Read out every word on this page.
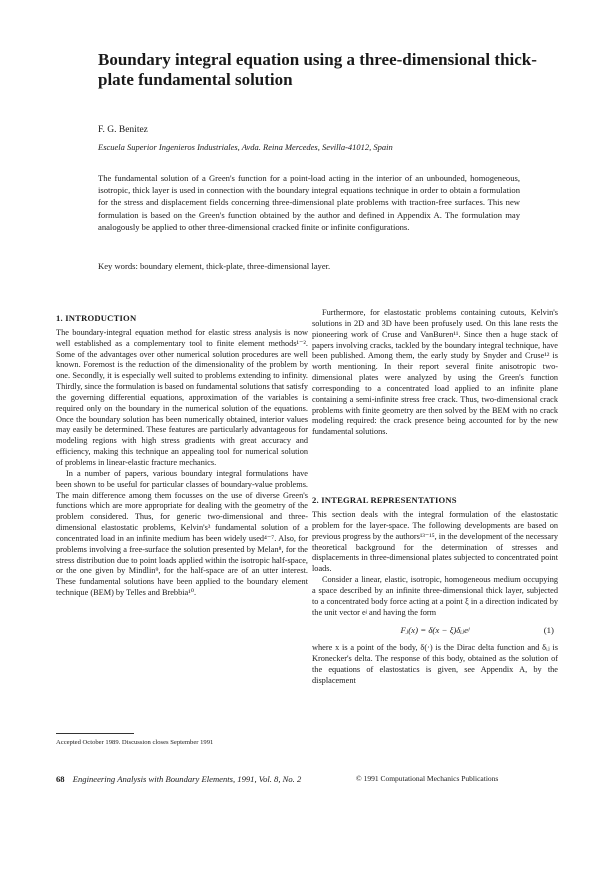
Boundary integral equation using a three-dimensional thick-plate fundamental solution
F. G. Benitez
Escuela Superior Ingenieros Industriales, Avda. Reina Mercedes, Sevilla-41012, Spain
The fundamental solution of a Green's function for a point-load acting in the interior of an unbounded, homogeneous, isotropic, thick layer is used in connection with the boundary integral equations technique in order to obtain a formulation for the stress and displacement fields concerning three-dimensional plate problems with traction-free surfaces. This new formulation is based on the Green's function obtained by the author and defined in Appendix A. The formulation may analogously be applied to other three-dimensional cracked finite or infinite configurations.
Key words: boundary element, thick-plate, three-dimensional layer.
1. INTRODUCTION

The boundary-integral equation method for elastic stress analysis is now well established as a complementary tool to finite element methods¹⁻². Some of the advantages over other numerical solution procedures are well known. Foremost is the reduction of the dimensionality of the problem by one. Secondly, it is especially well suited to problems extending to infinity. Thirdly, since the formulation is based on fundamental solutions that satisfy the governing differential equations, approximation of the variables is required only on the boundary in the numerical solution of the equations. Once the boundary solution has been numerically obtained, interior values may easily be determined. These features are particularly advantageous for modeling regions with high stress gradients with great accuracy and efficiency, making this technique an appealing tool for numerical solution of problems in linear-elastic fracture mechanics.

In a number of papers, various boundary integral formulations have been shown to be useful for particular classes of boundary-value problems. The main difference among them focusses on the use of diverse Green's functions which are more appropriate for dealing with the geometry of the problem considered. Thus, for generic two-dimensional and three-dimensional elastostatic problems, Kelvin's³ fundamental solution of a concentrated load in an infinite medium has been widely used⁴⁻⁷. Also, for problems involving a free-surface the solution presented by Melan⁸, for the stress distribution due to point loads applied within the isotropic half-space, or the one given by Mindlin⁹, for the half-space are of an utter interest. These fundamental solutions have been applied to the boundary element technique (BEM) by Telles and Brebbia¹⁰.

Furthermore, for elastostatic problems containing cutouts, Kelvin's solutions in 2D and 3D have been profusely used. On this lane rests the pioneering work of Cruse and VanBuren¹¹. Since then a huge stack of papers involving cracks, tackled by the boundary integral technique, have been published. Among them, the early study by Snyder and Cruse¹² is worth mentioning. In their report several finite anisotropic two-dimensional plates were analyzed by using the Green's function corresponding to a concentrated load applied to an infinite plane containing a semi-infinite stress free crack. Thus, two-dimensional crack problems with finite geometry are then solved by the BEM with no crack modeling required: the crack presence being accounted for by the new fundamental solutions.

2. INTEGRAL REPRESENTATIONS

This section deals with the integral formulation of the elastostatic problem for the layer-space. The following developments are based on previous progress by the authors¹³⁻¹⁵, in the development of the necessary theoretical background for the determination of stresses and displacements in three-dimensional plates subjected to concentrated point loads.

Consider a linear, elastic, isotropic, homogeneous medium occupying a space described by an infinite three-dimensional thick layer, subjected to a concentrated body force acting at a point ξ in a direction indicated by the unit vector eʲ and having the form

Fⱼ(x) = δ(x − ξ)δᵢⱼeʲ	(1)

where x is a point of the body, δ(·) is the Dirac delta function and δᵢⱼ is Kronecker's delta. The response of this body, obtained as the solution of the equations of elastostatics is given, see Appendix A, by the displacement

Accepted October 1989. Discussion closes September 1991
68 Engineering Analysis with Boundary Elements, 1991, Vol. 8, No. 2	© 1991 Computational Mechanics Publications
